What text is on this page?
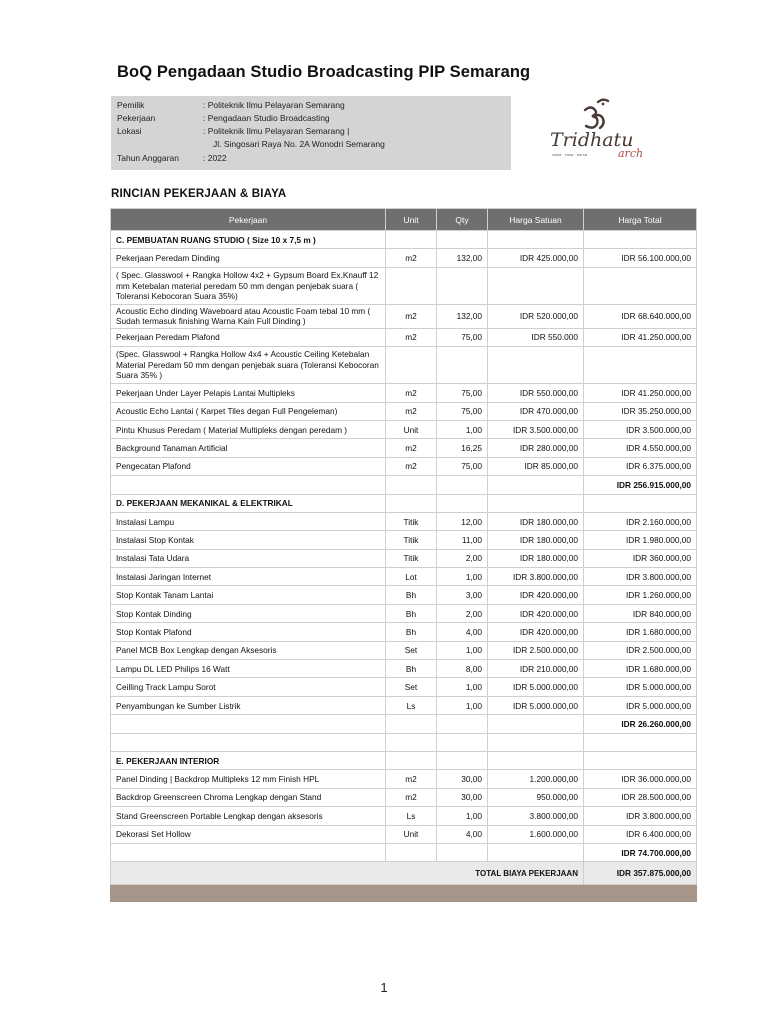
BoQ Pengadaan Studio Broadcasting PIP Semarang
Pemilik	: Politeknik Ilmu Pelayaran Semarang
Pekerjaan	: Pengadaan Studio Broadcasting
Lokasi	: Politeknik Ilmu Pelayaran Semarang |
Jl. Singosari Raya No. 2A Wonodri Semarang
Tahun Anggaran	: 2022
Tridhatu
arch
cipta · rasa · karsa
RINCIAN PEKERJAAN & BIAYA
Pekerjaan	Unit	Qty	Harga Satuan	Harga Total
C. PEMBUATAN RUANG STUDIO ( Size 10 x 7,5 m )				
Pekerjaan Peredam Dinding	m2	132,00	IDR 425.000,00	IDR 56.100.000,00
( Spec. Glasswool + Rangka Hollow 4x2 + Gypsum Board Ex.Knauff 12 mm Ketebalan material peredam 50 mm dengan penjebak suara ( Toleransi Kebocoran Suara 35%)				
Acoustic Echo dinding Waveboard atau Acoustic Foam tebal 10 mm ( Sudah termasuk finishing Warna Kain Full Dinding )	m2	132,00	IDR 520.000,00	IDR 68.640.000,00
Pekerjaan Peredam Plafond	m2	75,00	IDR 550.000	IDR 41.250.000,00
(Spec. Glasswool + Rangka Hollow 4x4 + Acoustic Ceiling Ketebalan Material Peredam 50 mm dengan penjebak suara (Toleransi Kebocoran Suara 35% )				
Pekerjaan Under Layer Pelapis Lantai Multipleks	m2	75,00	IDR 550.000,00	IDR 41.250.000,00
Acoustic Echo Lantai ( Karpet Tiles degan Full Pengeleman)	m2	75,00	IDR 470.000,00	IDR 35.250.000,00
Pintu Khusus Peredam ( Material Multipleks dengan peredam )	Unit	1,00	IDR 3.500.000,00	IDR 3.500.000,00
Background Tanaman Artificial	m2	16,25	IDR 280.000,00	IDR 4.550.000,00
Pengecatan Plafond	m2	75,00	IDR 85.000,00	IDR 6.375.000,00
				IDR 256.915.000,00
D. PEKERJAAN MEKANIKAL & ELEKTRIKAL				
Instalasi Lampu	Titik	12,00	IDR 180.000,00	IDR 2.160.000,00
Instalasi Stop Kontak	Titik	11,00	IDR 180.000,00	IDR 1.980.000,00
Instalasi Tata Udara	Titik	2,00	IDR 180.000,00	IDR 360.000,00
Instalasi Jaringan Internet	Lot	1,00	IDR 3.800.000,00	IDR 3.800.000,00
Stop Kontak Tanam Lantai	Bh	3,00	IDR 420.000,00	IDR 1.260.000,00
Stop Kontak Dinding	Bh	2,00	IDR 420.000,00	IDR 840.000,00
Stop Kontak Plafond	Bh	4,00	IDR 420.000,00	IDR 1.680.000,00
Panel MCB Box Lengkap dengan Aksesoris	Set	1,00	IDR 2.500.000,00	IDR 2.500.000,00
Lampu DL LED Philips 16 Watt	Bh	8,00	IDR 210.000,00	IDR 1.680.000,00
Ceilling Track Lampu Sorot	Set	1,00	IDR 5.000.000,00	IDR 5.000.000,00
Penyambungan ke Sumber Listrik	Ls	1,00	IDR 5.000.000,00	IDR 5.000.000,00
				IDR 26.260.000,00

E. PEKERJAAN INTERIOR				
Panel Dinding | Backdrop Multipleks 12 mm Finish HPL	m2	30,00	1.200.000,00	IDR 36.000.000,00
Backdrop Greenscreen Chroma Lengkap dengan Stand	m2	30,00	950.000,00	IDR 28.500.000,00
Stand Greenscreen Portable Lengkap dengan aksesoris	Ls	1,00	3.800.000,00	IDR 3.800.000,00
Dekorasi Set Hollow	Unit	4,00	1.600.000,00	IDR 6.400.000,00
				IDR 74.700.000,00
TOTAL BIAYA PEKERJAAN				IDR 357.875.000,00

1
